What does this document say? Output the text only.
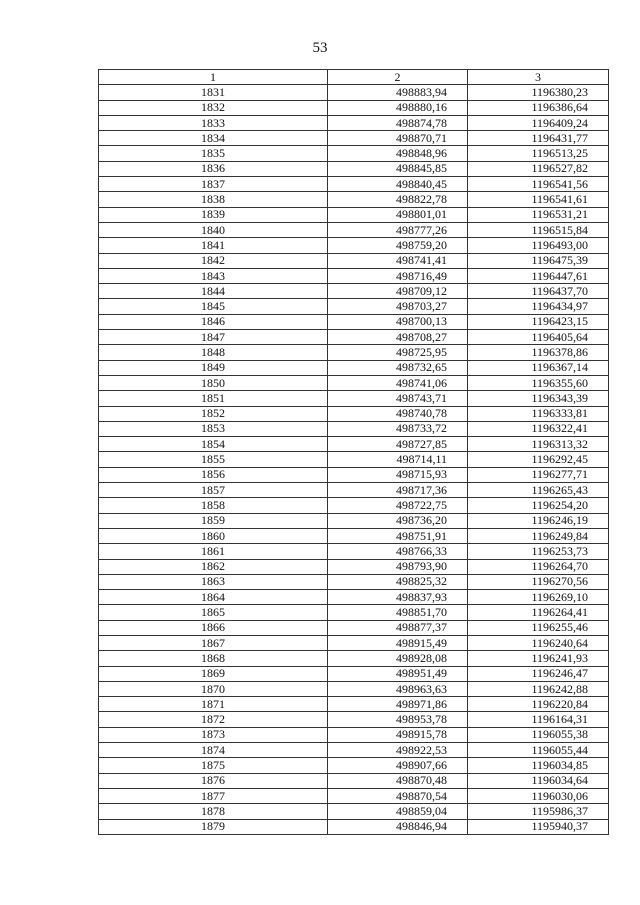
53
1	2	3
1831	498883,94	1196380,23
1832	498880,16	1196386,64
1833	498874,78	1196409,24
1834	498870,71	1196431,77
1835	498848,96	1196513,25
1836	498845,85	1196527,82
1837	498840,45	1196541,56
1838	498822,78	1196541,61
1839	498801,01	1196531,21
1840	498777,26	1196515,84
1841	498759,20	1196493,00
1842	498741,41	1196475,39
1843	498716,49	1196447,61
1844	498709,12	1196437,70
1845	498703,27	1196434,97
1846	498700,13	1196423,15
1847	498708,27	1196405,64
1848	498725,95	1196378,86
1849	498732,65	1196367,14
1850	498741,06	1196355,60
1851	498743,71	1196343,39
1852	498740,78	1196333,81
1853	498733,72	1196322,41
1854	498727,85	1196313,32
1855	498714,11	1196292,45
1856	498715,93	1196277,71
1857	498717,36	1196265,43
1858	498722,75	1196254,20
1859	498736,20	1196246,19
1860	498751,91	1196249,84
1861	498766,33	1196253,73
1862	498793,90	1196264,70
1863	498825,32	1196270,56
1864	498837,93	1196269,10
1865	498851,70	1196264,41
1866	498877,37	1196255,46
1867	498915,49	1196240,64
1868	498928,08	1196241,93
1869	498951,49	1196246,47
1870	498963,63	1196242,88
1871	498971,86	1196220,84
1872	498953,78	1196164,31
1873	498915,78	1196055,38
1874	498922,53	1196055,44
1875	498907,66	1196034,85
1876	498870,48	1196034,64
1877	498870,54	1196030,06
1878	498859,04	1195986,37
1879	498846,94	1195940,37
